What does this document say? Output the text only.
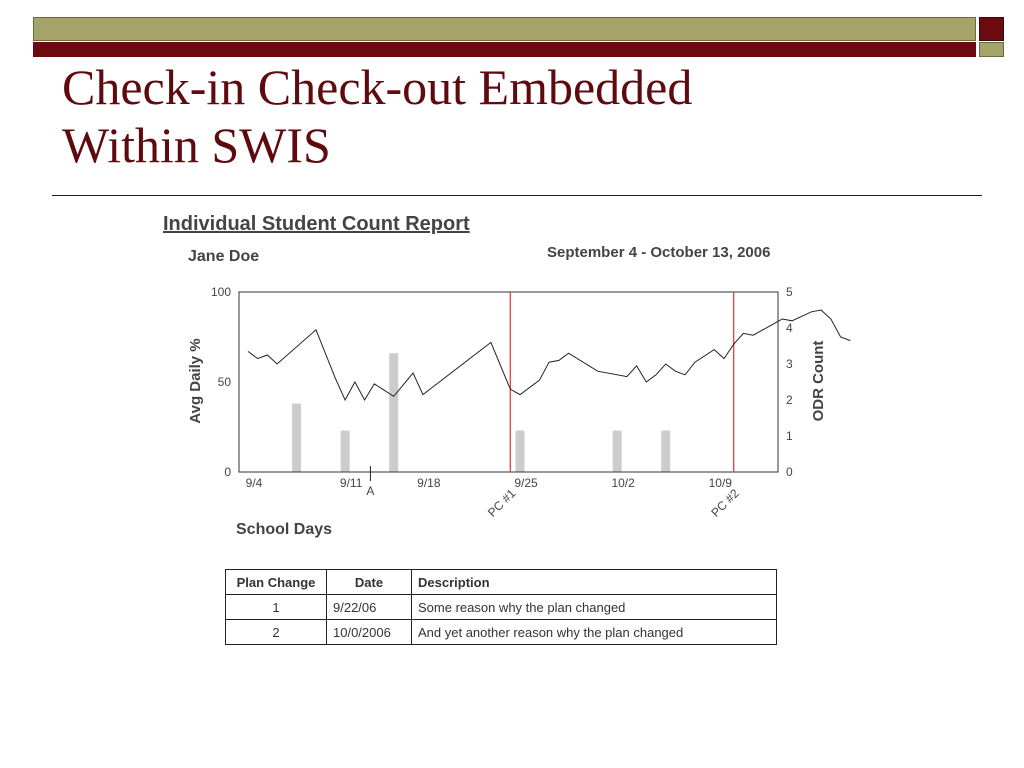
Check-in Check-out Embedded
Within SWIS
Individual Student Count Report
Jane Doe	September 4 - October 13, 2006
School Days
PC #1	PC #2
0
50
100
0
1
2
3
4
5
9/4	9/11	9/18	9/25	10/2	10/9
A
Avg Daily %	ODR Count
Plan Change	Date	Description
1	9/22/06	Some reason why the plan changed
2	10/0/2006	And yet another reason why the plan changed
